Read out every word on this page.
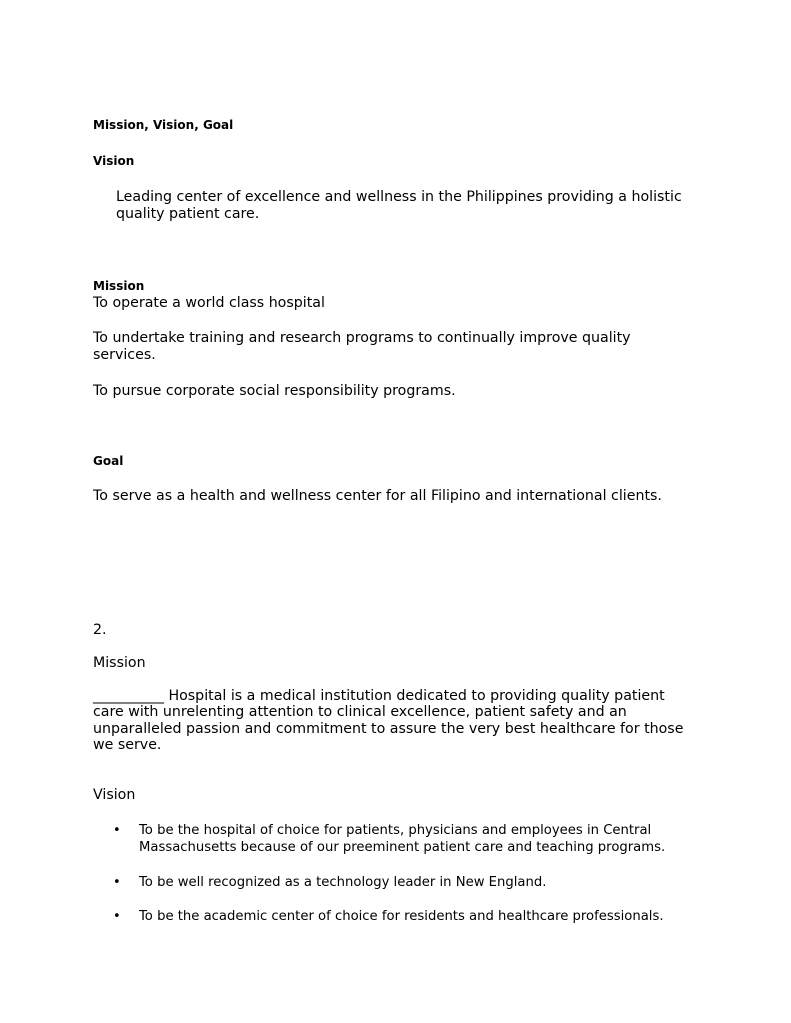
Mission, Vision, Goal
Vision
Leading center of excellence and wellness in the Philippines providing a holistic quality patient care.
Mission
To operate a world class hospital
To undertake training and research programs to continually improve quality services.
To pursue corporate social responsibility programs.
Goal
To serve as a health and wellness center for all Filipino and international clients.
2.
Mission
__________ Hospital is a medical institution dedicated to providing quality patient care with unrelenting attention to clinical excellence, patient safety and an unparalleled passion and commitment to assure the very best healthcare for those we serve.
Vision
• To be the hospital of choice for patients, physicians and employees in Central Massachusetts because of our preeminent patient care and teaching programs.
• To be well recognized as a technology leader in New England.
• To be the academic center of choice for residents and healthcare professionals.
